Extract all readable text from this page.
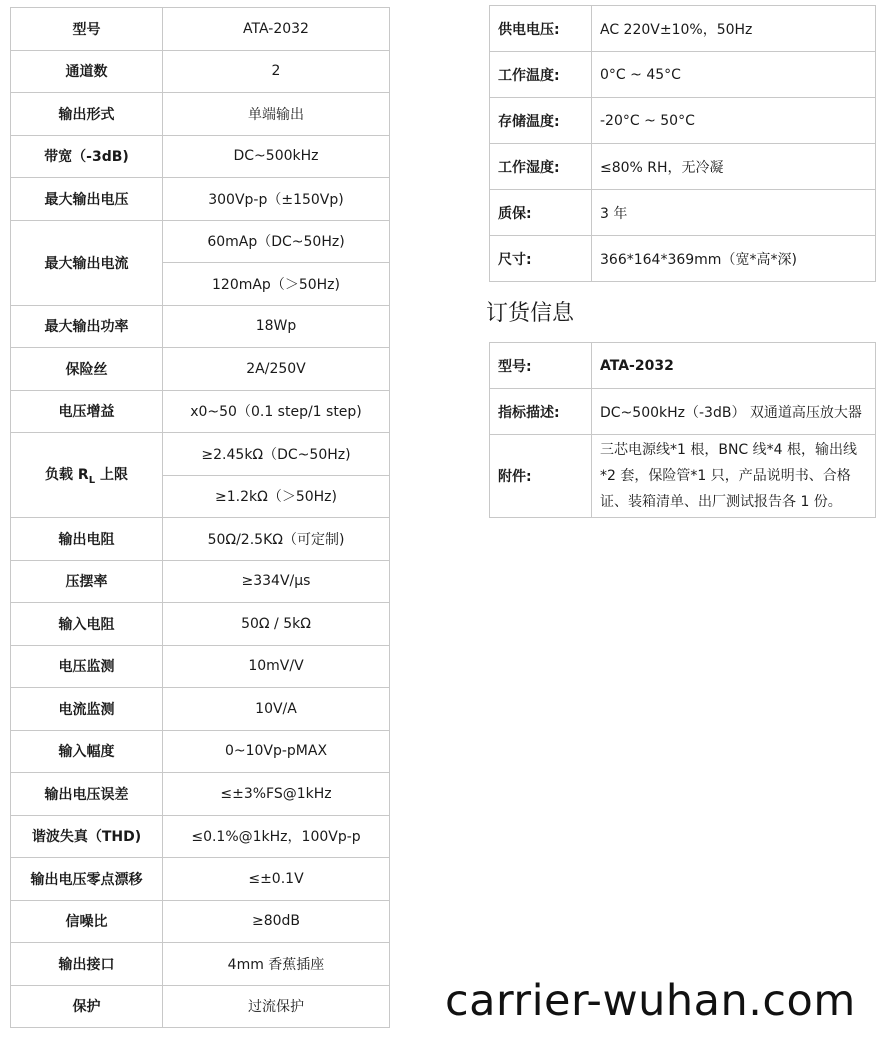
型号	ATA-2032
通道数	2
输出形式	单端输出
带宽（-3dB)	DC~500kHz
最大输出电压	300Vp-p（±150Vp)
最大输出电流	60mAp（DC~50Hz)
	120mAp（＞50Hz)
最大输出功率	18Wp
保险丝	2A/250V
电压增益	x0~50（0.1 step/1 step)
负载 $R_L$ 上限	≥2.45kΩ（DC~50Hz)
	≥1.2kΩ（＞50Hz)
输出电阻	50Ω/2.5KΩ（可定制)
压摆率	≥334V/μs
输入电阻	50Ω / 5kΩ
电压监测	10mV/V
电流监测	10V/A
输入幅度	0~10Vp-pMAX
输出电压误差	≤±3%FS@1kHz
谐波失真（THD)	≤0.1%@1kHz，100Vp-p
输出电压零点漂移	≤±0.1V
信噪比	≥80dB
输出接口	4mm 香蕉插座
保护	过流保护
供电电压:	AC 220V±10%，50Hz
工作温度:	0°C ~ 45°C
存储温度:	-20°C ~ 50°C
工作湿度:	≤80% RH，无冷凝
质保:	3 年
尺寸:	366*164*369mm（宽*高*深)
订货信息
型号:	ATA-2032
指标描述:	DC~500kHz（-3dB） 双通道高压放大器
附件:	三芯电源线*1 根，BNC 线*4 根，输出线*2 套，保险管*1 只，产品说明书、合格证、装箱清单、出厂测试报告各 1 份。
carrier-wuhan.com
